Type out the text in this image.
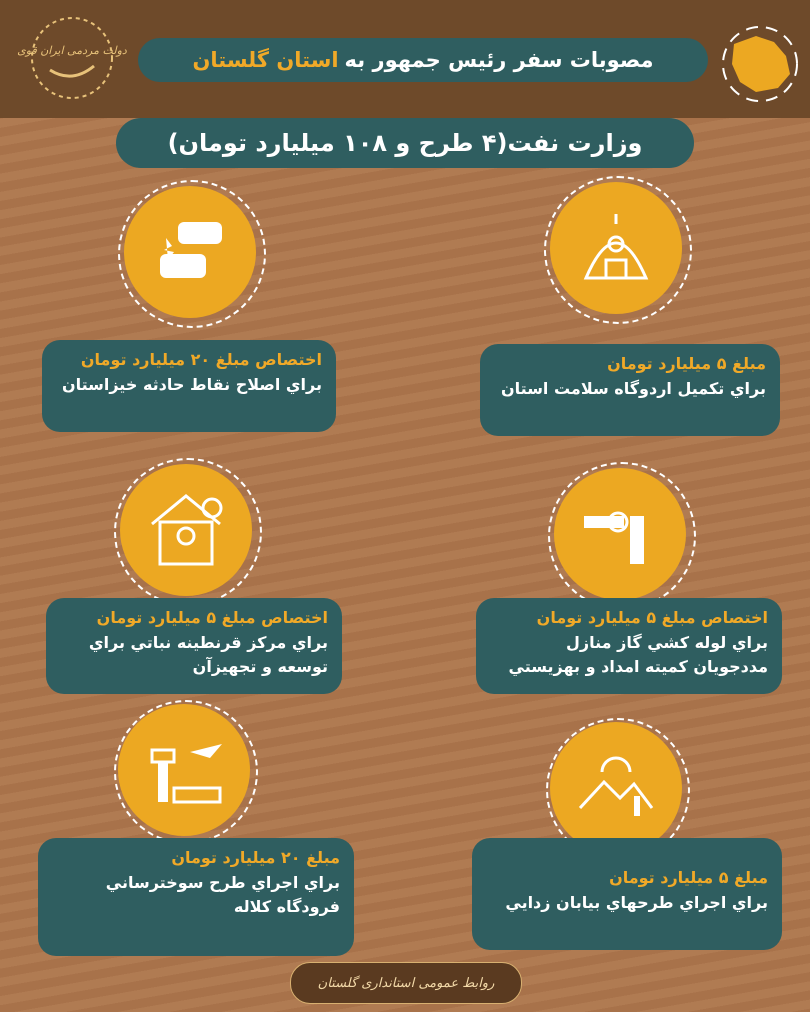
دولت مردمی ایران قوی	مصوبات سفر رئیس جمهور به
استان گلستان
وزارت نفت(۴ طرح و ۱۰۸ میلیارد تومان)
مبلغ ۵ میلیارد تومان
براي تكميل اردوگاه سلامت استان
اختصاص مبلغ ۲۰ میلیارد تومان
براي اصلاح نقاط حادثه خيزاستان
اختصاص مبلغ ۵ میلیارد تومان
براي لوله كشي گاز منازل مددجويان كميته امداد و بهزيستي
اختصاص مبلغ ۵ میلیارد تومان
براي مركز قرنطينه نباتي براي توسعه و تجهيزآن
مبلغ ۵ میلیارد تومان
براي اجراي طرحهاي بيابان زدايي
مبلغ ۲۰ میلیارد تومان
براي اجراي طرح سوخترساني فرودگاه كلاله
روابط عمومی استانداری گلستان
